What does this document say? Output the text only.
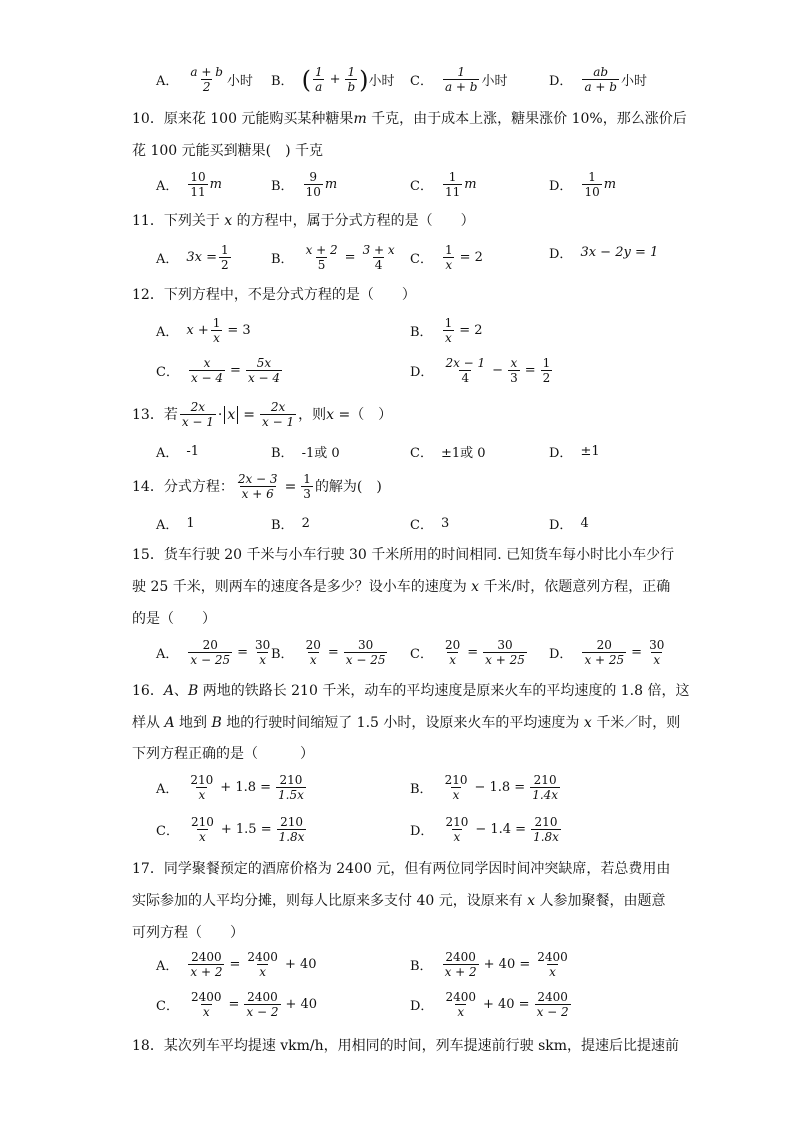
A． $\frac{a + b}{2}$ 小时 B． ( $\frac{1}{a} + \frac{1}{b}$ ) 小时 C． $\frac{1}{a + b}$ 小时	D． $\frac{ab}{a + b}$ 小时
10．原来花 100 元能购买某种糖果m 千克，由于成本上涨，糖果涨价 10%，那么涨价后
花 100 元能买到糖果(　) 千克
A． $\frac{10}{11}$ m	B． $\frac{9}{10}$ m	C． $\frac{1}{11}$ m	D． $\frac{1}{10}$ m
11．下列关于 x 的方程中，属于分式方程的是（　　）
A． $3x = \frac{1}{2}$	B． $\frac{x + 2}{5} = \frac{3 + x}{4}$ C． $\frac{1}{x} = 2$	D． 3x − 2y = 1
12．下列方程中，不是分式方程的是（　　）
A． $x + \frac{1}{x} = 3$	B． $\frac{1}{x} = 2$
C． $\frac{x}{x - 4} = \frac{5x}{x - 4}$	D． $\frac{2x - 1}{4} - \frac{x}{3} = \frac{1}{2}$
13．若 $\frac{2x}{x - 1} \cdot x = \frac{2x}{x - 1}$ ，则 x = （　）
A． -1	B． -1或 0	C． ±1或 0	D． ±1
14．分式方程： $\frac{2x - 3}{x + 6} = \frac{1}{3}$ 的解为(　)
A． 1	B． 2	C． 3	D． 4
15．货车行驶 20 千米与小车行驶 30 千米所用的时间相同. 已知货车每小时比小车少行
驶 25 千米，则两车的速度各是多少？设小车的速度为 x 千米/时，依题意列方程，正确
的是（　　）
A． $\frac{20}{x - 25} = \frac{30}{x}$
B． $\frac{20}{x} = \frac{30}{x - 25}$ C． $\frac{20}{x} = \frac{30}{x + 25}$ D． $\frac{20}{x + 25} = \frac{30}{x}$
16．A、B 两地的铁路长 210 千米，动车的平均速度是原来火车的平均速度的 1.8 倍，这
样从 A 地到 B 地的行驶时间缩短了 1.5 小时，设原来火车的平均速度为 x 千米／时，则
下列方程正确的是（　　　）
A． $\frac{210}{x} + 1.8 = \frac{210}{1.5x}$	B． $\frac{210}{x} - 1.8 = \frac{210}{1.4x}$
C． $\frac{210}{x} + 1.5 = \frac{210}{1.8x}$	D． $\frac{210}{x} - 1.4 = \frac{210}{1.8x}$
17．同学聚餐预定的酒席价格为 2400 元，但有两位同学因时间冲突缺席，若总费用由
实际参加的人平均分摊，则每人比原来多支付 40 元，设原来有 x 人参加聚餐，由题意
可列方程（　　）
A． $\frac{2400}{x + 2} = \frac{2400}{x} + 40$	B． $\frac{2400}{x + 2} + 40 = \frac{2400}{x}$
C． $\frac{2400}{x} = \frac{2400}{x - 2} + 40$	D． $\frac{2400}{x} + 40 = \frac{2400}{x - 2}$
18．某次列车平均提速 vkm/h，用相同的时间，列车提速前行驶 skm，提速后比提速前
